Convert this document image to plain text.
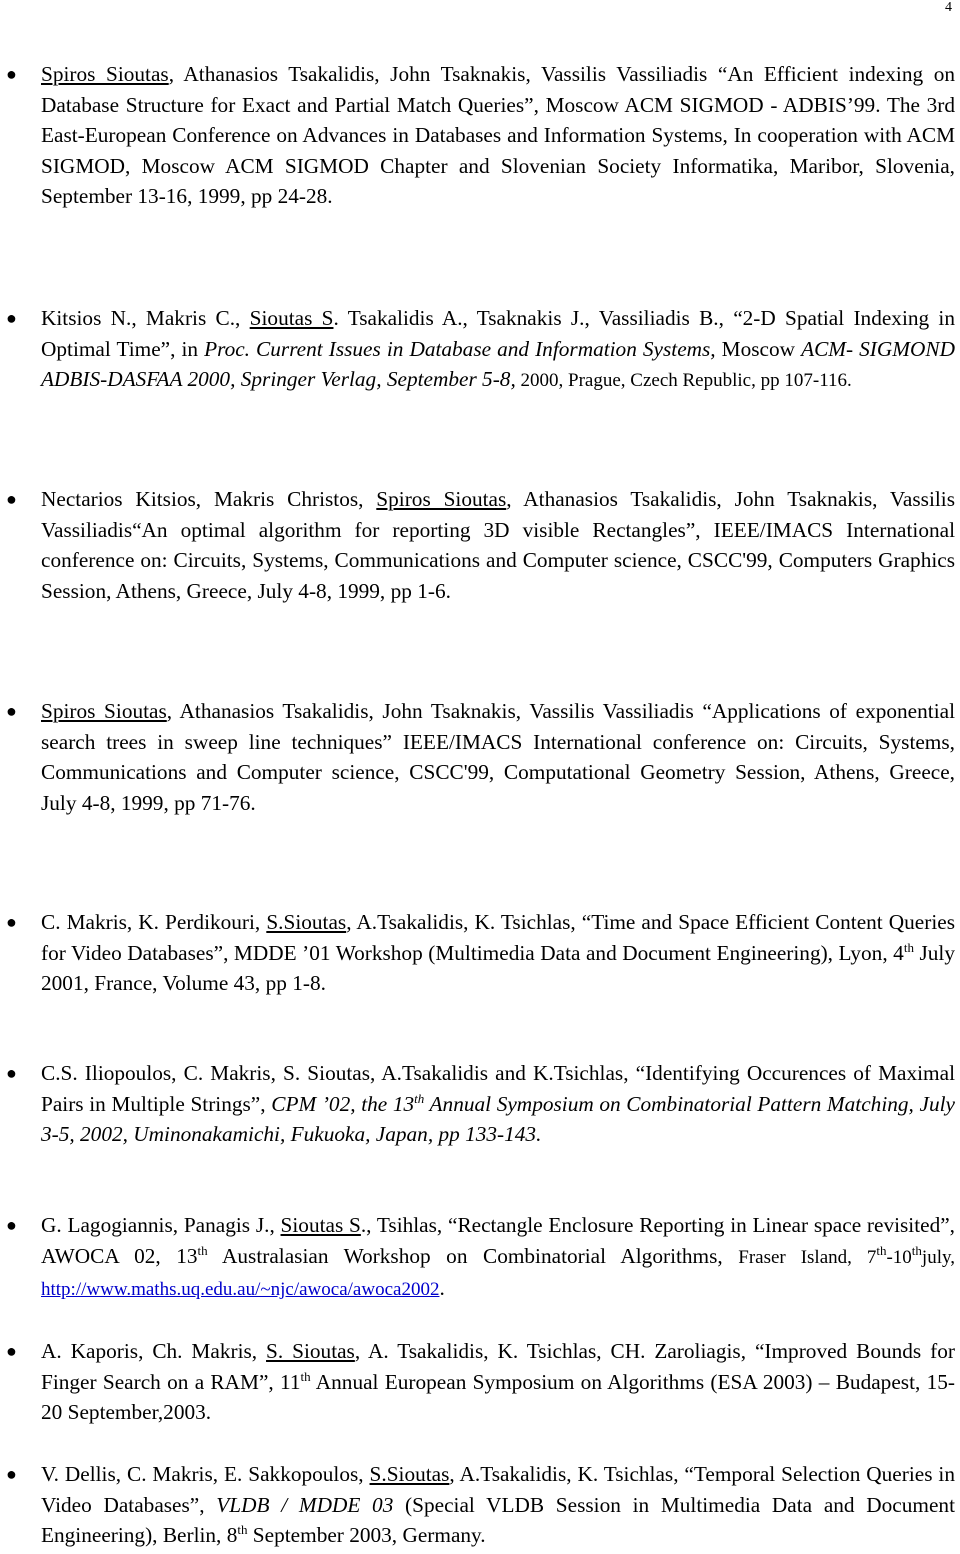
4
● Spiros Sioutas, Athanasios Tsakalidis, John Tsaknakis, Vassilis Vassiliadis “An Efficient indexing on Database Structure for Exact and Partial Match Queries”, Moscow ACM SIGMOD - ADBIS’99. The 3rd East-European Conference on Advances in Databases and Information Systems, In cooperation with ACM SIGMOD, Moscow ACM SIGMOD Chapter and Slovenian Society Informatika, Maribor, Slovenia, September 13-16, 1999, pp 24-28.
● Kitsios N., Makris C., Sioutas S. Tsakalidis A., Tsaknakis J., Vassiliadis B., “2-D Spatial Indexing in Optimal Time”, in Proc. Current Issues in Database and Information Systems, Moscow ACM- SIGMOND ADBIS-DASFAA 2000, Springer Verlag, September 5-8, 2000, Prague, Czech Republic, pp 107-116.
● Nectarios Kitsios, Makris Christos, Spiros Sioutas, Athanasios Tsakalidis, John Tsaknakis, Vassilis Vassiliadis“An optimal algorithm for reporting 3D visible Rectangles”, IEEE/IMACS International conference on: Circuits, Systems, Communications and Computer science, CSCC'99, Computers Graphics Session, Athens, Greece, July 4-8, 1999, pp 1-6.
● Spiros Sioutas, Athanasios Tsakalidis, John Tsaknakis, Vassilis Vassiliadis “Applications of exponential search trees in sweep line techniques” IEEE/IMACS International conference on: Circuits, Systems, Communications and Computer science, CSCC'99, Computational Geometry Session, Athens, Greece, July 4-8, 1999, pp 71-76.
● C. Makris, K. Perdikouri, S.Sioutas, A.Tsakalidis, K. Tsichlas, “Time and Space Efficient Content Queries for Video Databases”, MDDE ’01 Workshop (Multimedia Data and Document Engineering), Lyon, 4th July 2001, France, Volume 43, pp 1-8.
● C.S. Iliopoulos, C. Makris, S. Sioutas, A.Tsakalidis and K.Tsichlas, “Identifying Occurences of Maximal Pairs in Multiple Strings”, CPM ’02, the 13th Annual Symposium on Combinatorial Pattern Matching, July 3-5, 2002, Uminonakamichi, Fukuoka, Japan, pp 133-143.
● G. Lagogiannis, Panagis J., Sioutas S., Tsihlas, “Rectangle Enclosure Reporting in Linear space revisited”, AWOCA 02, 13th Australasian Workshop on Combinatorial Algorithms, Fraser Island, 7th-10thjuly, http://www.maths.uq.edu.au/~njc/awoca/awoca2002.
● A. Kaporis, Ch. Makris, S. Sioutas, A. Tsakalidis, K. Tsichlas, CH. Zaroliagis, “Improved Bounds for Finger Search on a RAM”, 11th Annual European Symposium on Algorithms (ESA 2003) – Budapest, 15-20 September,2003.
● V. Dellis, C. Makris, E. Sakkopoulos, S.Sioutas, A.Tsakalidis, K. Tsichlas, “Temporal Selection Queries in Video Databases”, VLDB / MDDE 03 (Special VLDB Session in Multimedia Data and Document Engineering), Berlin, 8th September 2003, Germany.
